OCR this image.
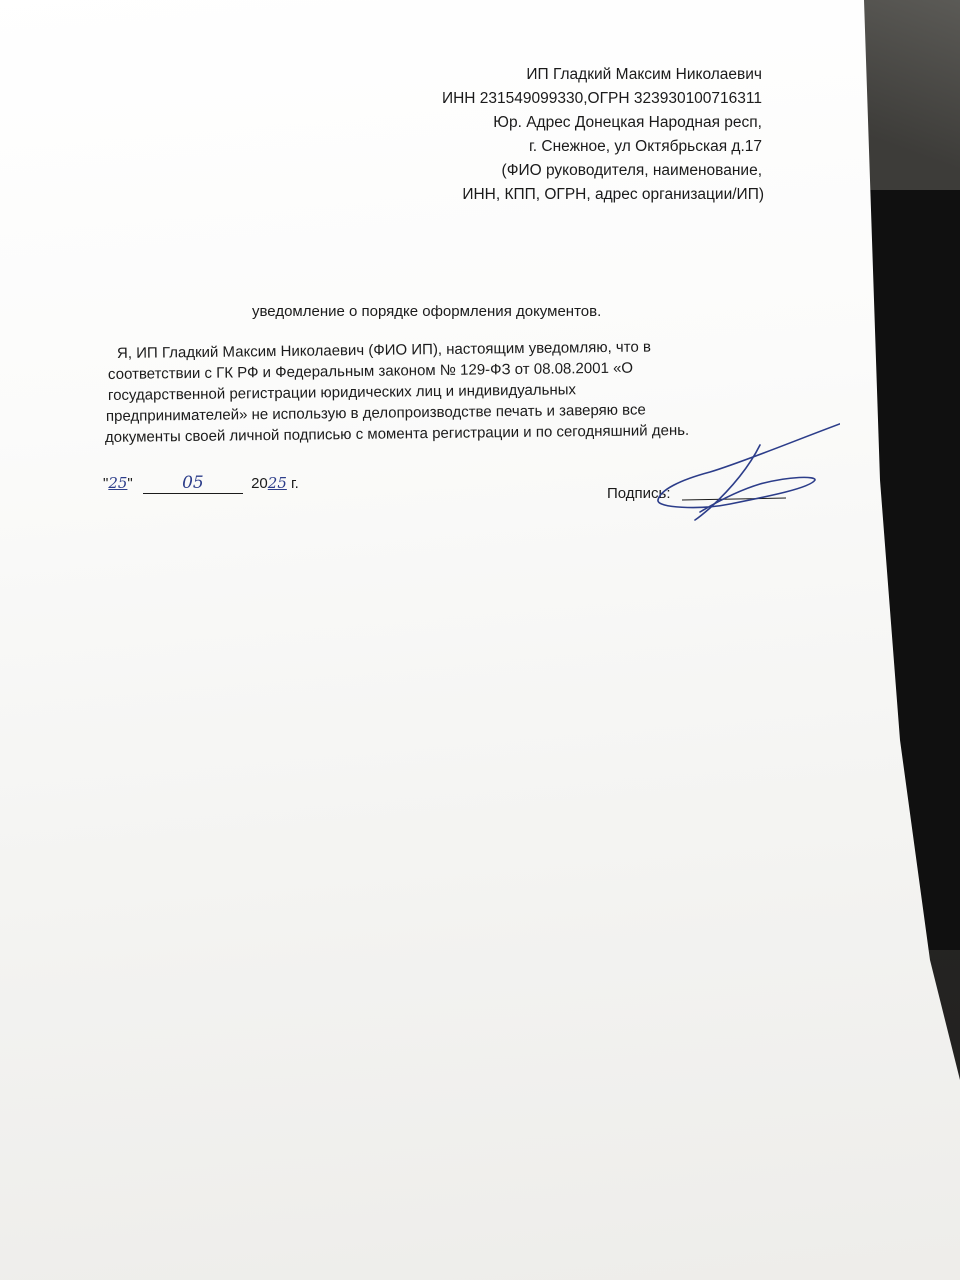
ИП Гладкий Максим Николаевич
ИНН 231549099330,ОГРН 323930100716311
Юр. Адрес Донецкая Народная респ,
г. Снежное, ул Октябрьская д.17
(ФИО руководителя, наименование,
ИНН, КПП, ОГРН, адрес организации/ИП)
уведомление о порядке оформления документов.
Я, ИП Гладкий Максим Николаевич (ФИО ИП), настоящим уведомляю, что в
соответствии с ГК РФ и Федеральным законом № 129-ФЗ от 08.08.2001 «О
государственной регистрации юридических лиц и индивидуальных
предпринимателей» не использую в делопроизводстве печать и заверяю все
документы своей личной подписью с момента регистрации и по сегодняшний день.
"25"	05	2025 г.
Подпись:
